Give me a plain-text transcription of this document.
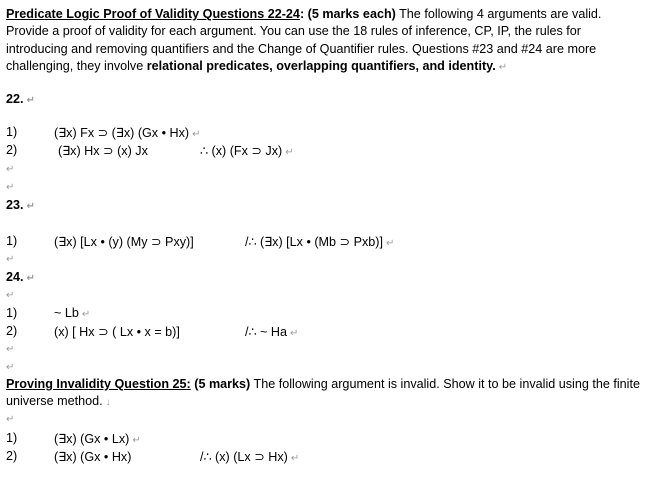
Predicate Logic Proof of Validity Questions 22-24: (5 marks each) The following 4 arguments are valid. Provide a proof of validity for each argument. You can use the 18 rules of inference, CP, IP, the rules for introducing and removing quantifiers and the Change of Quantifier rules. Questions #23 and #24 are more challenging, they involve relational predicates, overlapping quantifiers, and identity. ↵
22. ↵
1)	(∃x) Fx ⊃ (∃x) (Gx • Hx) ↵
2)	(∃x) Hx ⊃ (x) Jx	∴ (x) (Fx ⊃ Jx) ↵
↵
↵
23. ↵
1)	(∃x) [Lx • (y) (My ⊃ Pxy)]	/∴ (∃x) [Lx • (Mb ⊃ Pxb)] ↵
↵
24. ↵
↵
1)	~ Lb ↵
2)	(x) [ Hx ⊃ ( Lx • x = b)]	/∴ ~ Ha ↵
↵
↵
Proving Invalidity Question 25: (5 marks) The following argument is invalid. Show it to be invalid using the finite universe method. ↓
↵
1)	(∃x) (Gx • Lx) ↵
2)	(∃x) (Gx • Hx)	/∴ (x) (Lx ⊃ Hx) ↵
